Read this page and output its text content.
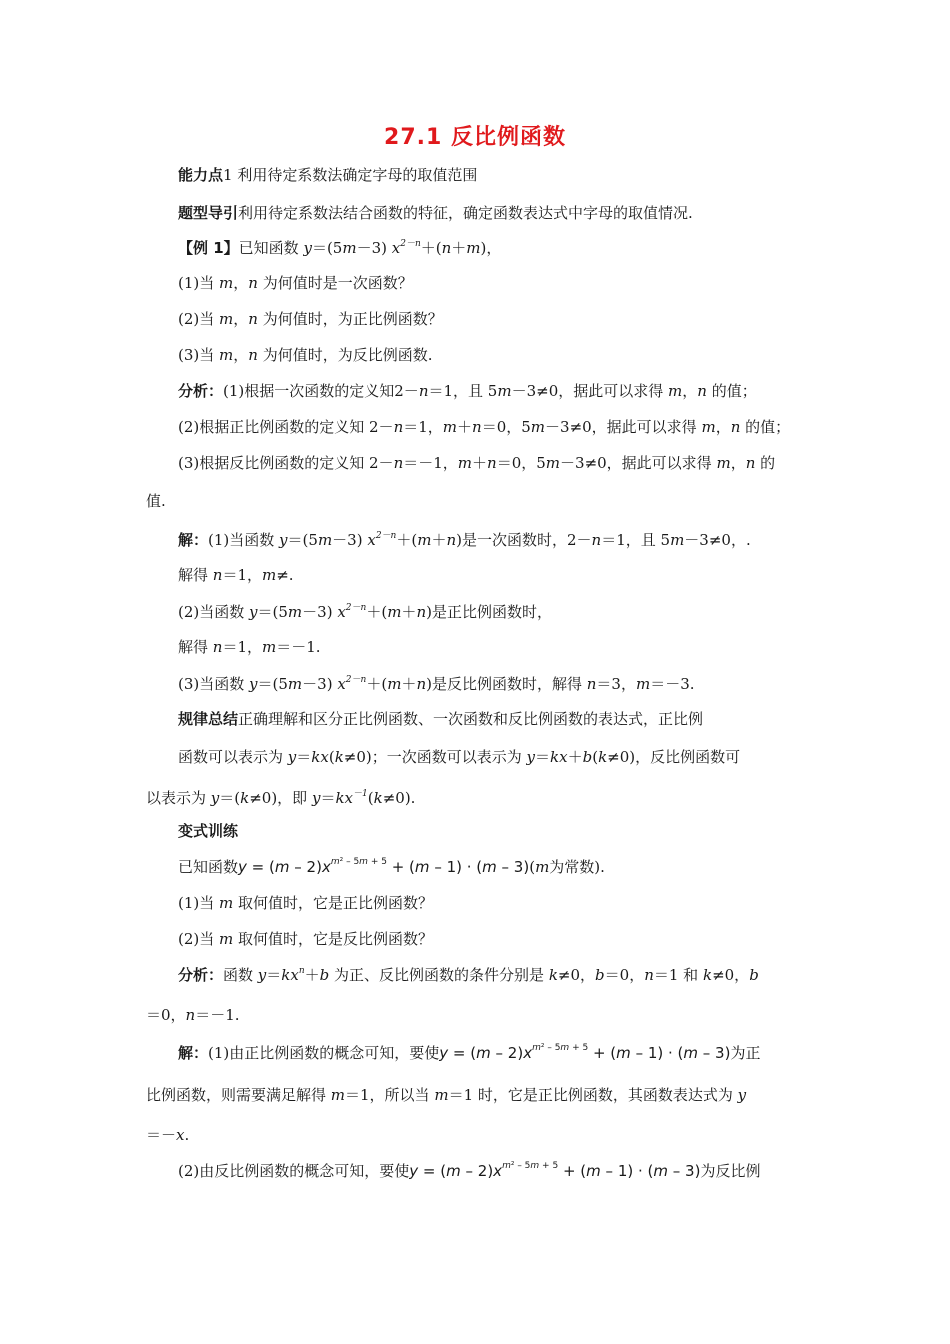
27.1 反比例函数
能力点1 利用待定系数法确定字母的取值范围
题型导引利用待定系数法结合函数的特征，确定函数表达式中字母的取值情况.
【例 1】已知函数 y＝(5m－3) $x^{2-n}+(n+m)$，
(1)当 m，n 为何值时是一次函数？
(2)当 m，n 为何值时，为正比例函数？
(3)当 m，n 为何值时，为反比例函数.
分析：(1)根据一次函数的定义知2－n＝1，且 5m－3≠0，据此可以求得 m，n 的值；
(2)根据正比例函数的定义知 2－n＝1，m＋n＝0，5m－3≠0，据此可以求得 m，n 的值；
(3)根据反比例函数的定义知 2－n＝－1，m＋n＝0，5m－3≠0，据此可以求得 m，n 的
值.
解：(1)当函数 y＝(5m－3) $x^{2-n}+(m+n)$是一次函数时，2－n＝1，且 5m－3≠0，.
解得 n＝1，m≠.
(2)当函数 y＝(5m－3) $x^{2-n}+(m+n)$是正比例函数时，
解得 n＝1，m＝－1.
(3)当函数 y＝(5m－3) $x^{2-n}+(m+n)$是反比例函数时，解得 n＝3，m＝－3.
规律总结正确理解和区分正比例函数、一次函数和反比例函数的表达式，正比例
函数可以表示为 y＝kx(k≠0)；一次函数可以表示为 y＝kx＋b(k≠0)，反比例函数可
以表示为 y＝(k≠0)，即 $y=kx^{-1}(k\ne 0)$.
变式训练
已知函数$y = (m - 2)x^{m^2 - 5m + 5} + (m - 1) \cdot (m - 3)(m$为常数).
(1)当 m 取何值时，它是正比例函数？
(2)当 m 取何值时，它是反比例函数？
分析：函数 $y=kx^n+b$ 为正、反比例函数的条件分别是 k≠0，b＝0，n＝1 和 k≠0，b
＝0，n＝－1.
解：(1)由正比例函数的概念可知，要使$y = (m - 2)x^{m^2 - 5m + 5} + (m - 1) \cdot (m - 3)$为正
比例函数，则需要满足解得 m＝1，所以当 m＝1 时，它是正比例函数，其函数表达式为 y
＝－x.
(2)由反比例函数的概念可知，要使$y = (m - 2)x^{m^2 - 5m + 5} + (m - 1) \cdot (m - 3)$为反比例
